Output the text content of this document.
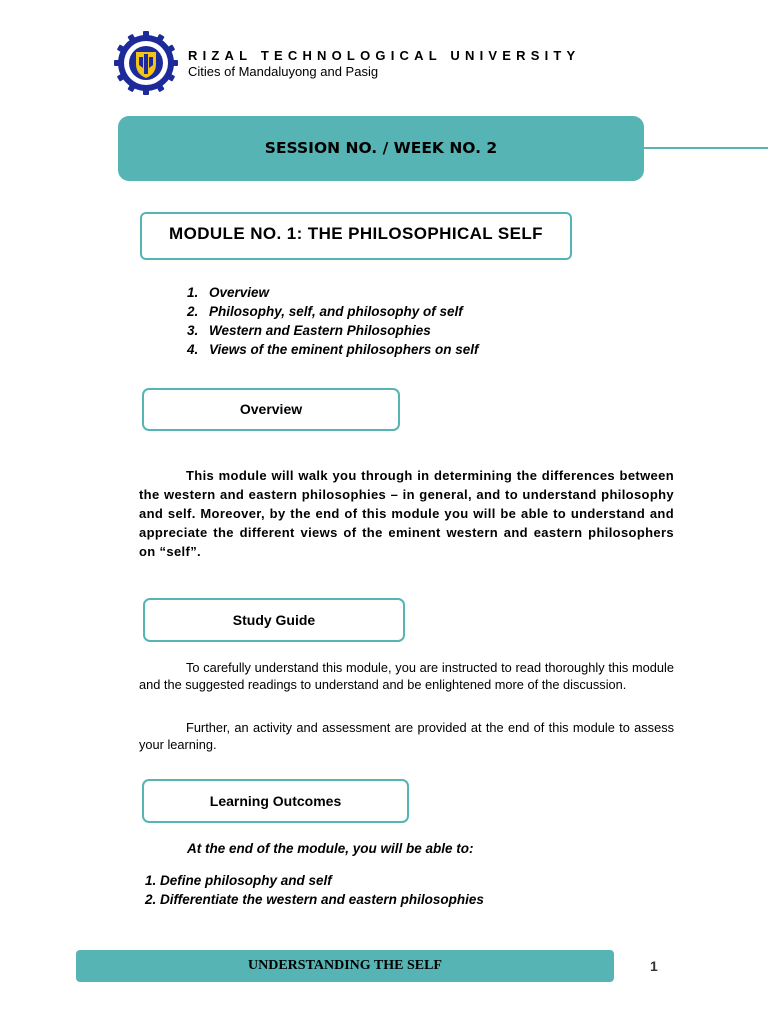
RIZAL TECHNOLOGICAL UNIVERSITY
Cities of Mandaluyong and Pasig
SESSION NO. / WEEK NO. 2
MODULE NO. 1: THE PHILOSOPHICAL SELF
1. Overview
2. Philosophy, self, and philosophy of self
3. Western and Eastern Philosophies
4. Views of the eminent philosophers on self
Overview

This module will walk you through in determining the differences between the western and eastern philosophies – in general, and to understand philosophy and self. Moreover, by the end of this module you will be able to understand and appreciate the different views of the eminent western and eastern philosophers on “self”.

Study Guide

To carefully understand this module, you are instructed to read thoroughly this module and the suggested readings to understand and be enlightened more of the discussion.

Further, an activity and assessment are provided at the end of this module to assess your learning.

Learning Outcomes
At the end of the module, you will be able to:
1. Define philosophy and self
2. Differentiate the western and eastern philosophies
UNDERSTANDING THE SELF	1
